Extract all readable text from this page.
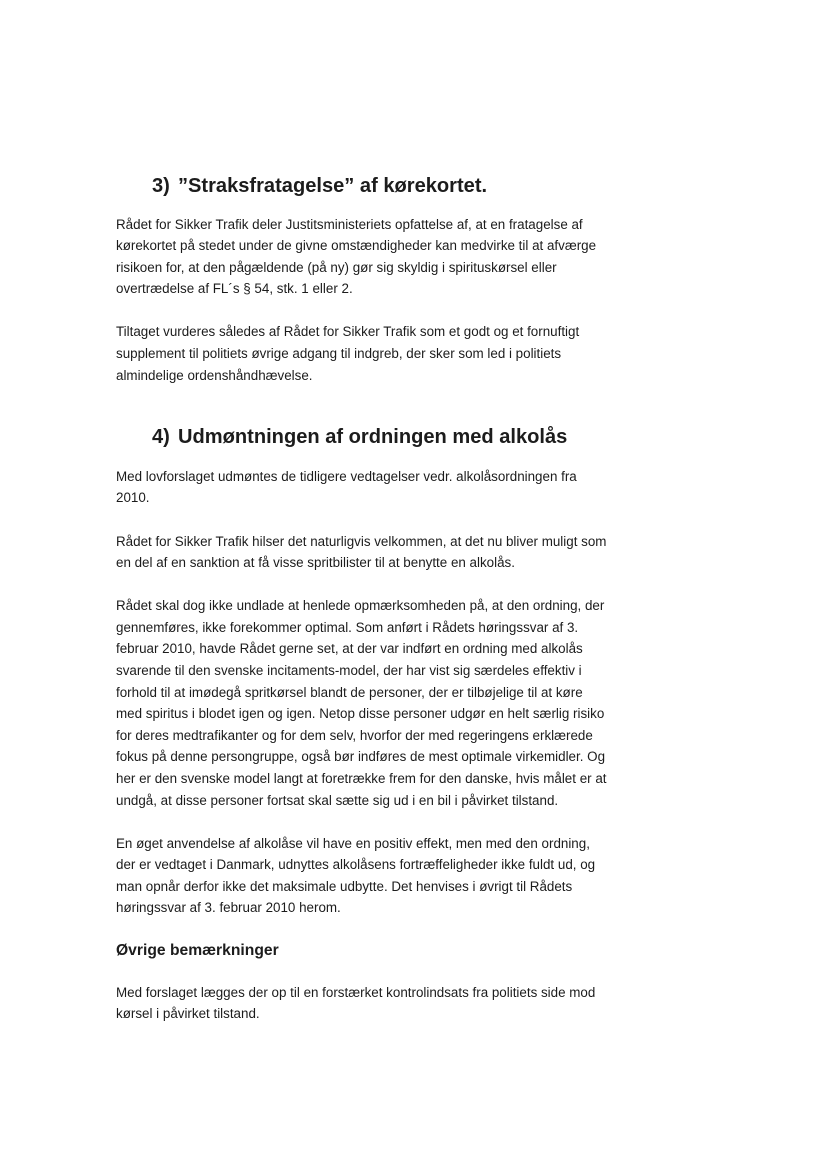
3) ”Straksfratagelse” af kørekortet.

Rådet for Sikker Trafik deler Justitsministeriets opfattelse af, at en fratagelse af
kørekortet på stedet under de givne omstændigheder kan medvirke til at afværge
risikoen for, at den pågældende (på ny) gør sig skyldig i spirituskørsel eller
overtrædelse af FL´s § 54, stk. 1 eller 2.

Tiltaget vurderes således af Rådet for Sikker Trafik som et godt og et fornuftigt
supplement til politiets øvrige adgang til indgreb, der sker som led i politiets
almindelige ordenshåndhævelse.

4) Udmøntningen af ordningen med alkolås

Med lovforslaget udmøntes de tidligere vedtagelser vedr. alkolåsordningen fra
2010.

Rådet for Sikker Trafik hilser det naturligvis velkommen, at det nu bliver muligt som
en del af en sanktion at få visse spritbilister til at benytte en alkolås.

Rådet skal dog ikke undlade at henlede opmærksomheden på, at den ordning, der
gennemføres, ikke forekommer optimal. Som anført i Rådets høringssvar af 3.
februar 2010, havde Rådet gerne set, at der var indført en ordning med alkolås
svarende til den svenske incitaments-model, der har vist sig særdeles effektiv i
forhold til at imødegå spritkørsel blandt de personer, der er tilbøjelige til at køre
med spiritus i blodet igen og igen. Netop disse personer udgør en helt særlig risiko
for deres medtrafikanter og for dem selv, hvorfor der med regeringens erklærede
fokus på denne persongruppe, også bør indføres de mest optimale virkemidler. Og
her er den svenske model langt at foretrække frem for den danske, hvis målet er at
undgå, at disse personer fortsat skal sætte sig ud i en bil i påvirket tilstand.

En øget anvendelse af alkolåse vil have en positiv effekt, men med den ordning,
der er vedtaget i Danmark, udnyttes alkolåsens fortræffeligheder ikke fuldt ud, og
man opnår derfor ikke det maksimale udbytte. Det henvises i øvrigt til Rådets
høringssvar af 3. februar 2010 herom.

Øvrige bemærkninger

Med forslaget lægges der op til en forstærket kontrolindsats fra politiets side mod
kørsel i påvirket tilstand.
